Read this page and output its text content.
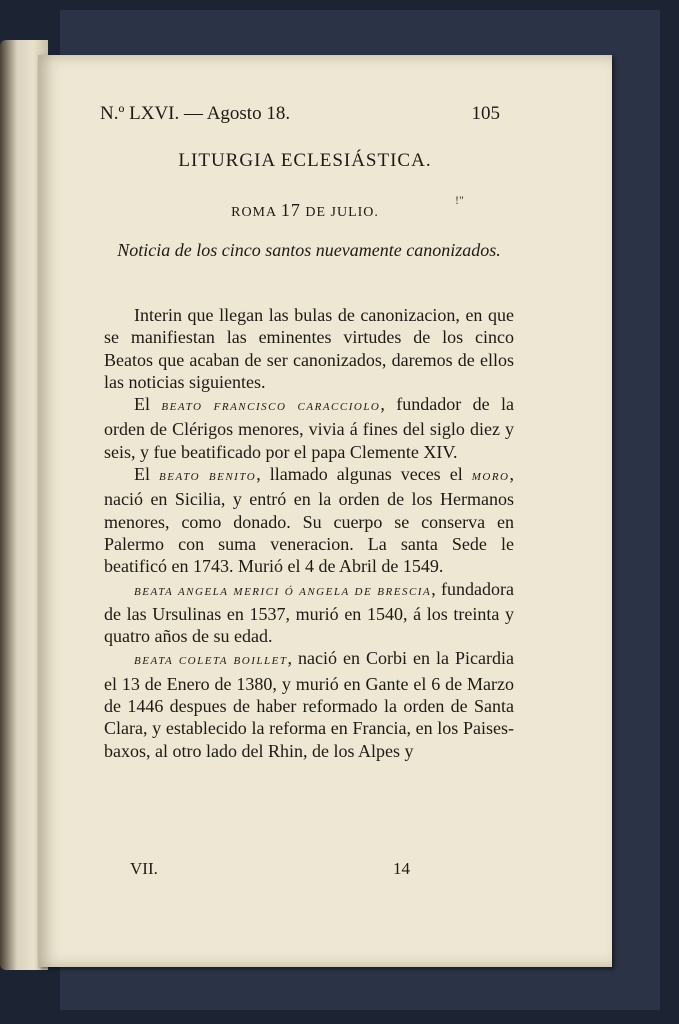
N.º LXVI. — Agosto 18.	105
LITURGIA ECLESIÁSTICA.
ROMA 17 DE JULIO.
!"
Noticia de los cinco santos nuevamente canonizados.

Interin que llegan las bulas de canonizacion, en que se manifiestan las eminentes virtudes de los cinco Beatos que acaban de ser canonizados, daremos de ellos las noticias siguientes.

El BEATO FRANCISCO CARACCIOLO, fundador de la orden de Clérigos menores, vivia á fines del siglo diez y seis, y fue beatificado por el papa Clemente XIV.

El BEATO BENITO, llamado algunas veces el MORO, nació en Sicilia, y entró en la orden de los Hermanos menores, como donado. Su cuerpo se conserva en Palermo con suma veneracion. La santa Sede le beatificó en 1743. Murió el 4 de Abril de 1549.

BEATA ANGELA MERICI Ó ANGELA DE BRESCIA, fundadora de las Ursulinas en 1537, murió en 1540, á los treinta y quatro años de su edad.

BEATA COLETA BOILLET, nació en Corbi en la Picardia el 13 de Enero de 1380, y murió en Gante el 6 de Marzo de 1446 despues de haber reformado la orden de Santa Clara, y establecido la reforma en Francia, en los Paises-baxos, al otro lado del Rhin, de los Alpes y

VII.	14
